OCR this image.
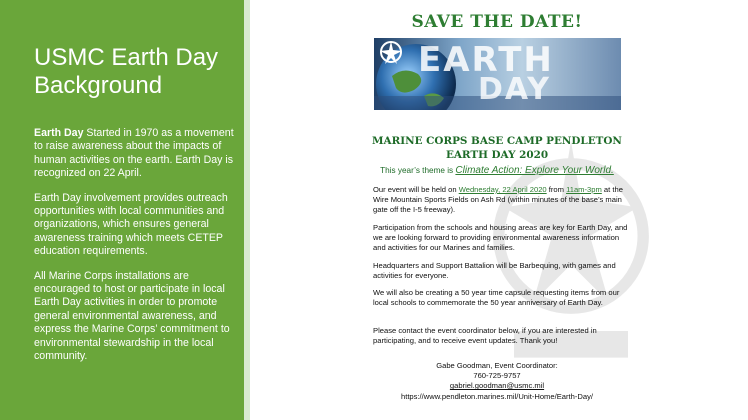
USMC Earth Day
Background

Earth Day Started in 1970 as a movement to raise awareness about the impacts of human activities on the earth. Earth Day is recognized on 22 April.

Earth Day involvement provides outreach opportunities with local communities and organizations, which ensures general awareness training which meets CETEP education requirements.

All Marine Corps installations are encouraged to host or participate in local Earth Day activities in order to promote general environmental awareness, and express the Marine Corps’ commitment to environmental stewardship in the local community.

SAVE THE DATE!
EARTH
DAY
MARINE CORPS BASE CAMP PENDLETON
EARTH DAY 2020
This year’s theme is Climate Action: Explore Your World.
Our event will be held on Wednesday, 22 April 2020 from 11am-3pm at the Wire Mountain Sports Fields on Ash Rd (within minutes of the base’s main gate off the I-5 freeway).
Participation from the schools and housing areas are key for Earth Day, and we are looking forward to providing environmental awareness information and activities for our Marines and families.
Headquarters and Support Battalion will be Barbequing, with games and activities for everyone.
We will also be creating a 50 year time capsule requesting items from our local schools to commemorate the 50 year anniversary of Earth Day.
Please contact the event coordinator below, if you are interested in participating, and to receive event updates. Thank you!
Gabe Goodman, Event Coordinator:
760-725-9757
gabriel.goodman@usmc.mil
https://www.pendleton.marines.mil/Unit-Home/Earth-Day/
